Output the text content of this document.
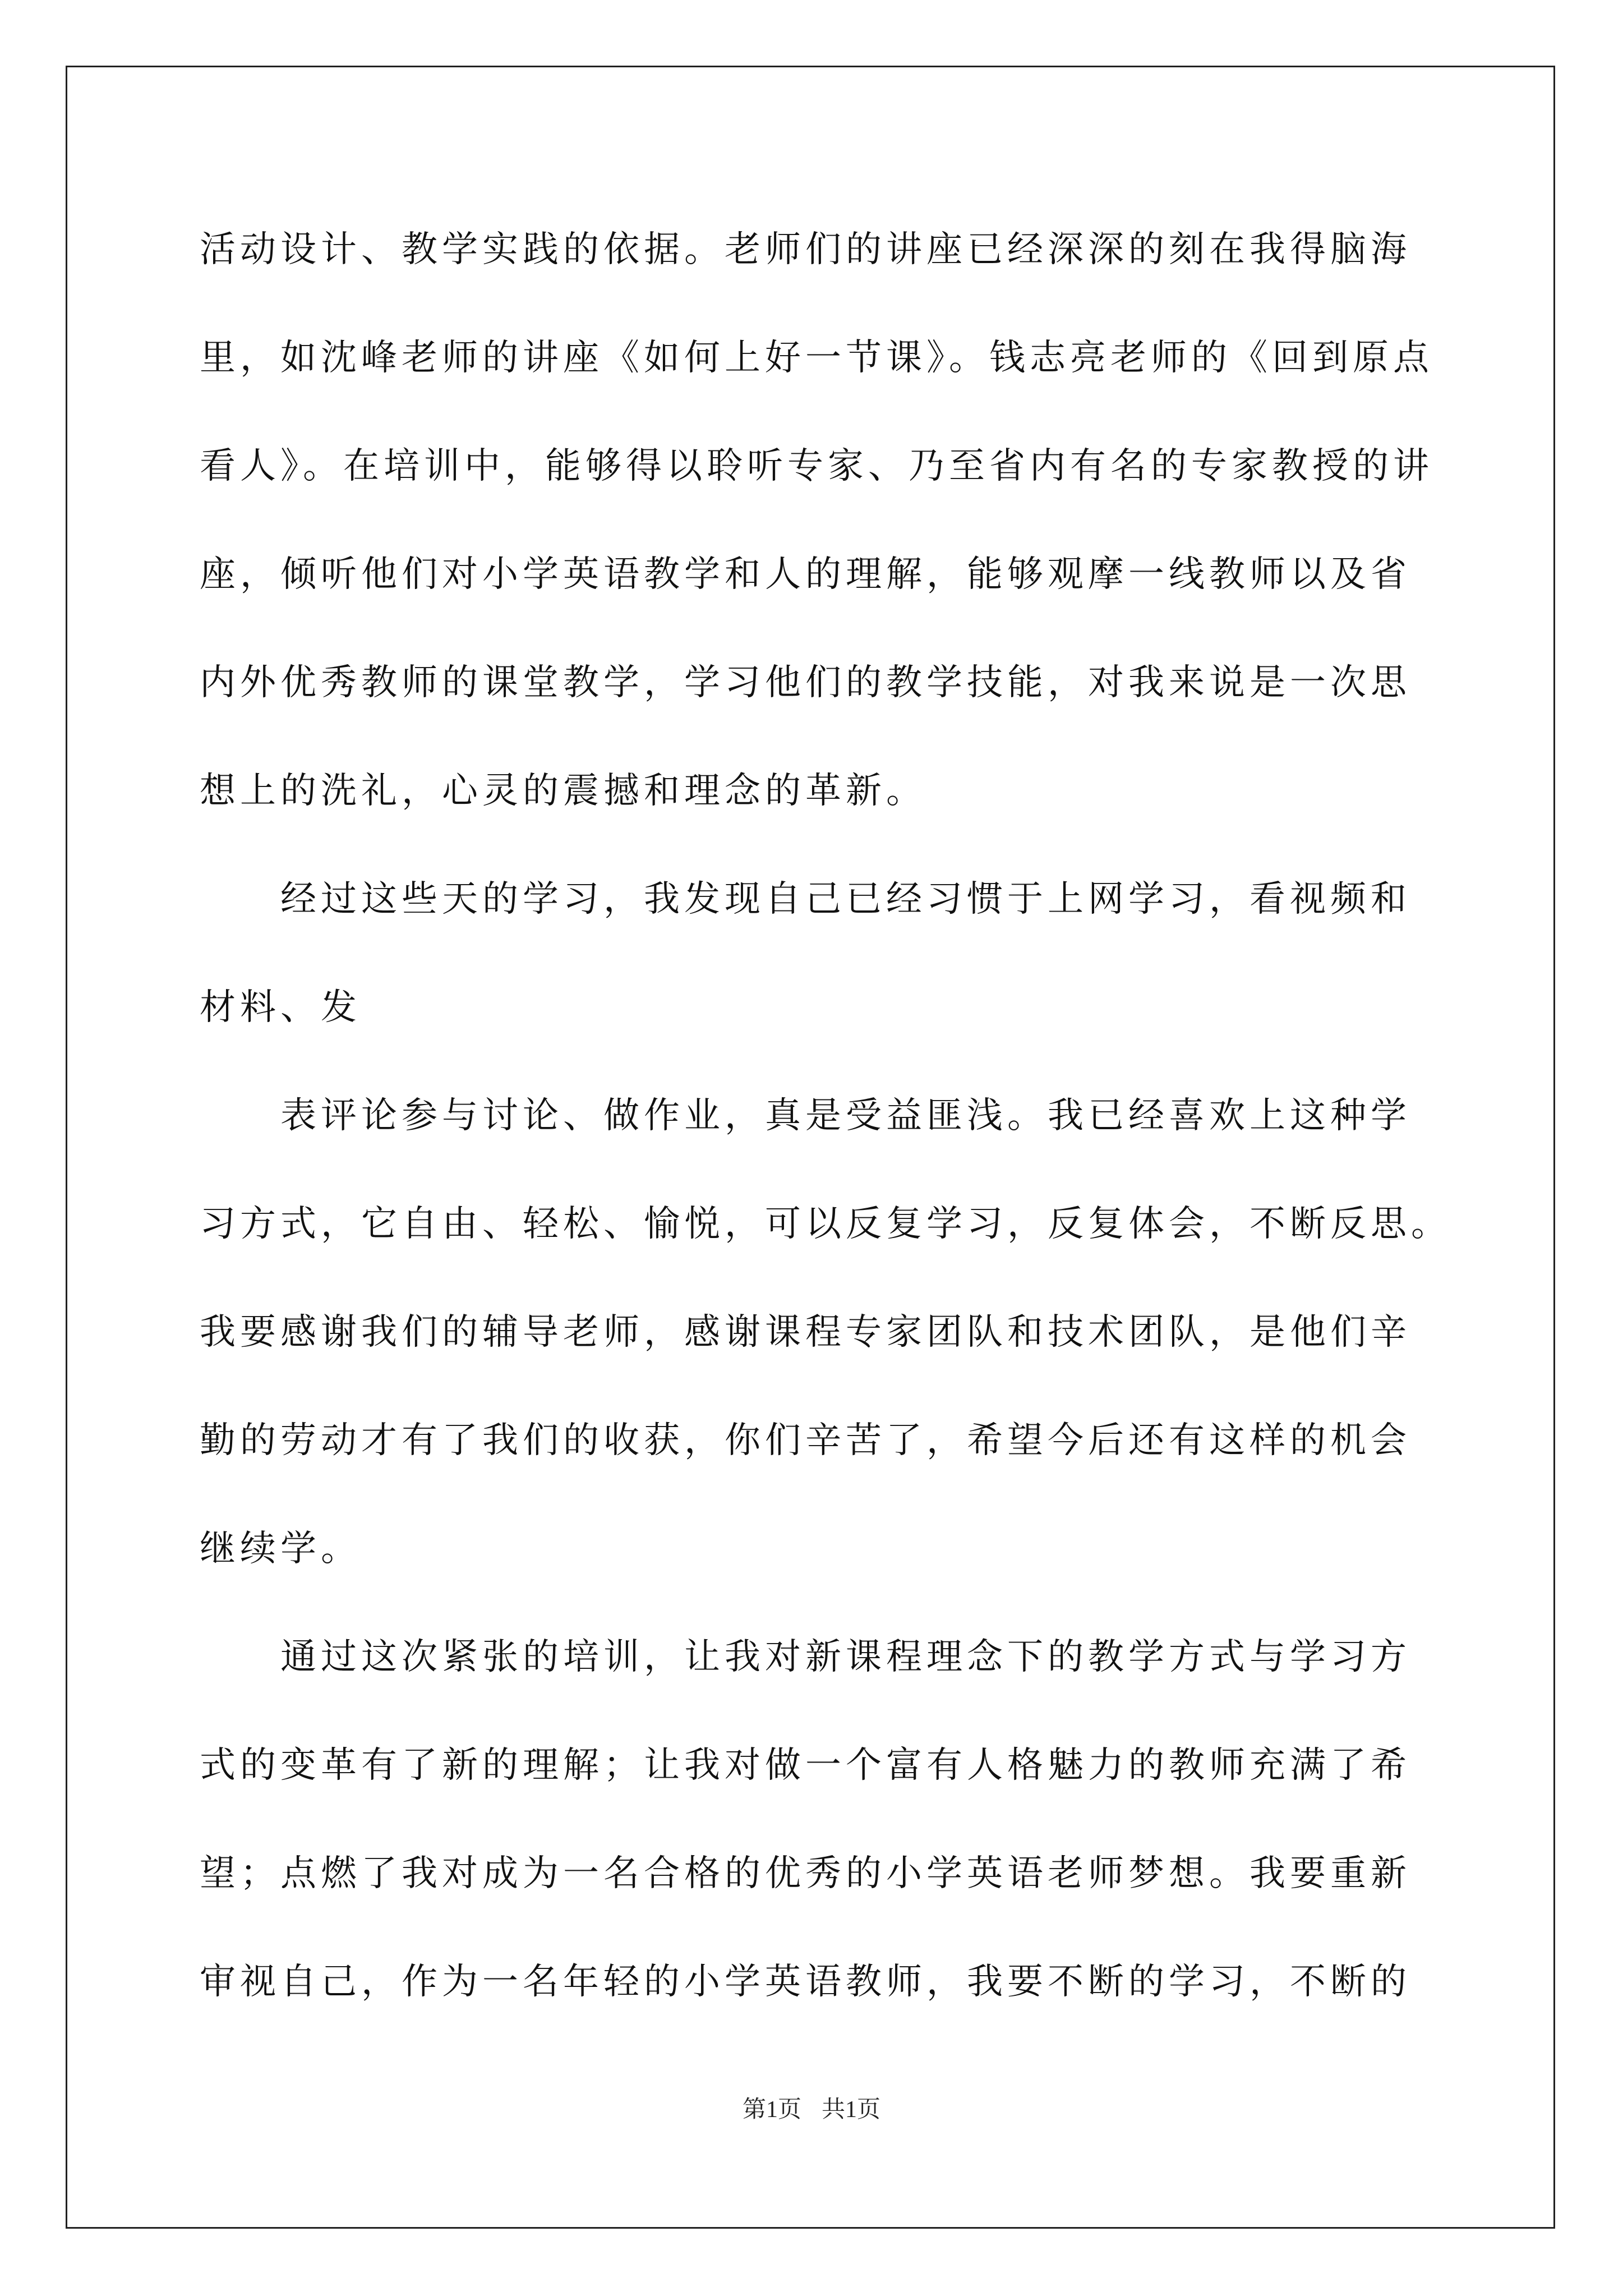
活动设计、教学实践的依据。老师们的讲座已经深深的刻在我得脑海
里，如沈峰老师的讲座《如何上好一节课》。钱志亮老师的《回到原点
看人》。在培训中，能够得以聆听专家、乃至省内有名的专家教授的讲
座，倾听他们对小学英语教学和人的理解，能够观摩一线教师以及省
内外优秀教师的课堂教学，学习他们的教学技能，对我来说是一次思
想上的洗礼，心灵的震撼和理念的革新。
经过这些天的学习，我发现自己已经习惯于上网学习，看视频和
材料、发
表评论参与讨论、做作业，真是受益匪浅。我已经喜欢上这种学
习方式，它自由、轻松、愉悦，可以反复学习，反复体会，不断反思。
我要感谢我们的辅导老师，感谢课程专家团队和技术团队，是他们辛
勤的劳动才有了我们的收获，你们辛苦了，希望今后还有这样的机会
继续学。
通过这次紧张的培训，让我对新课程理念下的教学方式与学习方
式的变革有了新的理解；让我对做一个富有人格魅力的教师充满了希
望；点燃了我对成为一名合格的优秀的小学英语老师梦想。我要重新
审视自己，作为一名年轻的小学英语教师，我要不断的学习，不断的
第1页 共1页
